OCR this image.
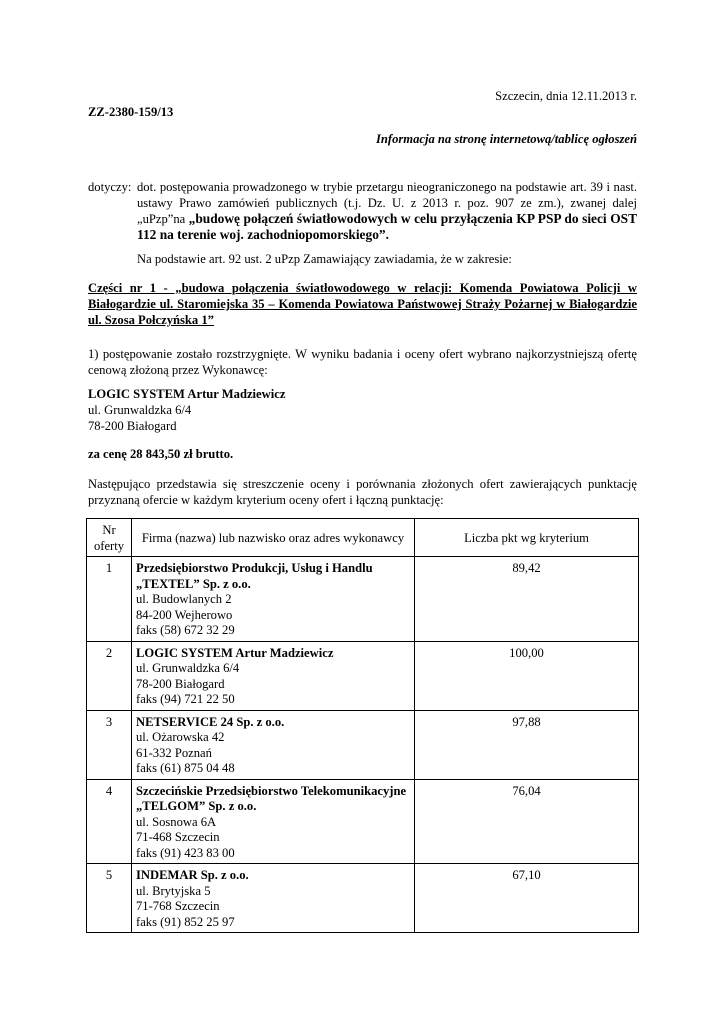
Szczecin, dnia 12.11.2013 r.
ZZ-2380-159/13
Informacja na stronę internetową/tablicę ogłoszeń
dotyczy: dot. postępowania prowadzonego w trybie przetargu nieograniczonego na podstawie art. 39 i nast. ustawy Prawo zamówień publicznych (t.j. Dz. U. z 2013 r. poz. 907 ze zm.), zwanej dalej „uPzp”na „budowę połączeń światłowodowych w celu przyłączenia KP PSP do sieci OST 112 na terenie woj. zachodniopomorskiego”.
Na podstawie art. 92 ust. 2 uPzp Zamawiający zawiadamia, że w zakresie:
Części nr 1 - „budowa połączenia światłowodowego w relacji: Komenda Powiatowa Policji w Białogardzie ul. Staromiejska 35 – Komenda Powiatowa Państwowej Straży Pożarnej w Białogardzie ul. Szosa Połczyńska 1”
1) postępowanie zostało rozstrzygnięte. W wyniku badania i oceny ofert wybrano najkorzystniejszą ofertę cenową złożoną przez Wykonawcę:
LOGIC SYSTEM Artur Madziewicz
ul. Grunwaldzka 6/4
78-200 Białogard
za cenę 28 843,50 zł brutto.
Następująco przedstawia się streszczenie oceny i porównania złożonych ofert zawierających punktację przyznaną ofercie w każdym kryterium oceny ofert i łączną punktację:
Nr oferty	Firma (nazwa) lub nazwisko oraz adres wykonawcy	Liczba pkt wg kryterium
1	Przedsiębiorstwo Produkcji, Usług i Handlu „TEXTEL” Sp. z o.o.
ul. Budowlanych 2
84-200 Wejherowo
faks (58) 672 32 29	89,42
2	LOGIC SYSTEM Artur Madziewicz
ul. Grunwaldzka 6/4
78-200 Białogard
faks (94) 721 22 50	100,00
3	NETSERVICE 24 Sp. z o.o.
ul. Ożarowska 42
61-332 Poznań
faks (61) 875 04 48	97,88
4	Szczecińskie Przedsiębiorstwo Telekomunikacyjne „TELGOM” Sp. z o.o.
ul. Sosnowa 6A
71-468 Szczecin
faks (91) 423 83 00	76,04
5	INDEMAR Sp. z o.o.
ul. Brytyjska 5
71-768 Szczecin
faks (91) 852 25 97	67,10
